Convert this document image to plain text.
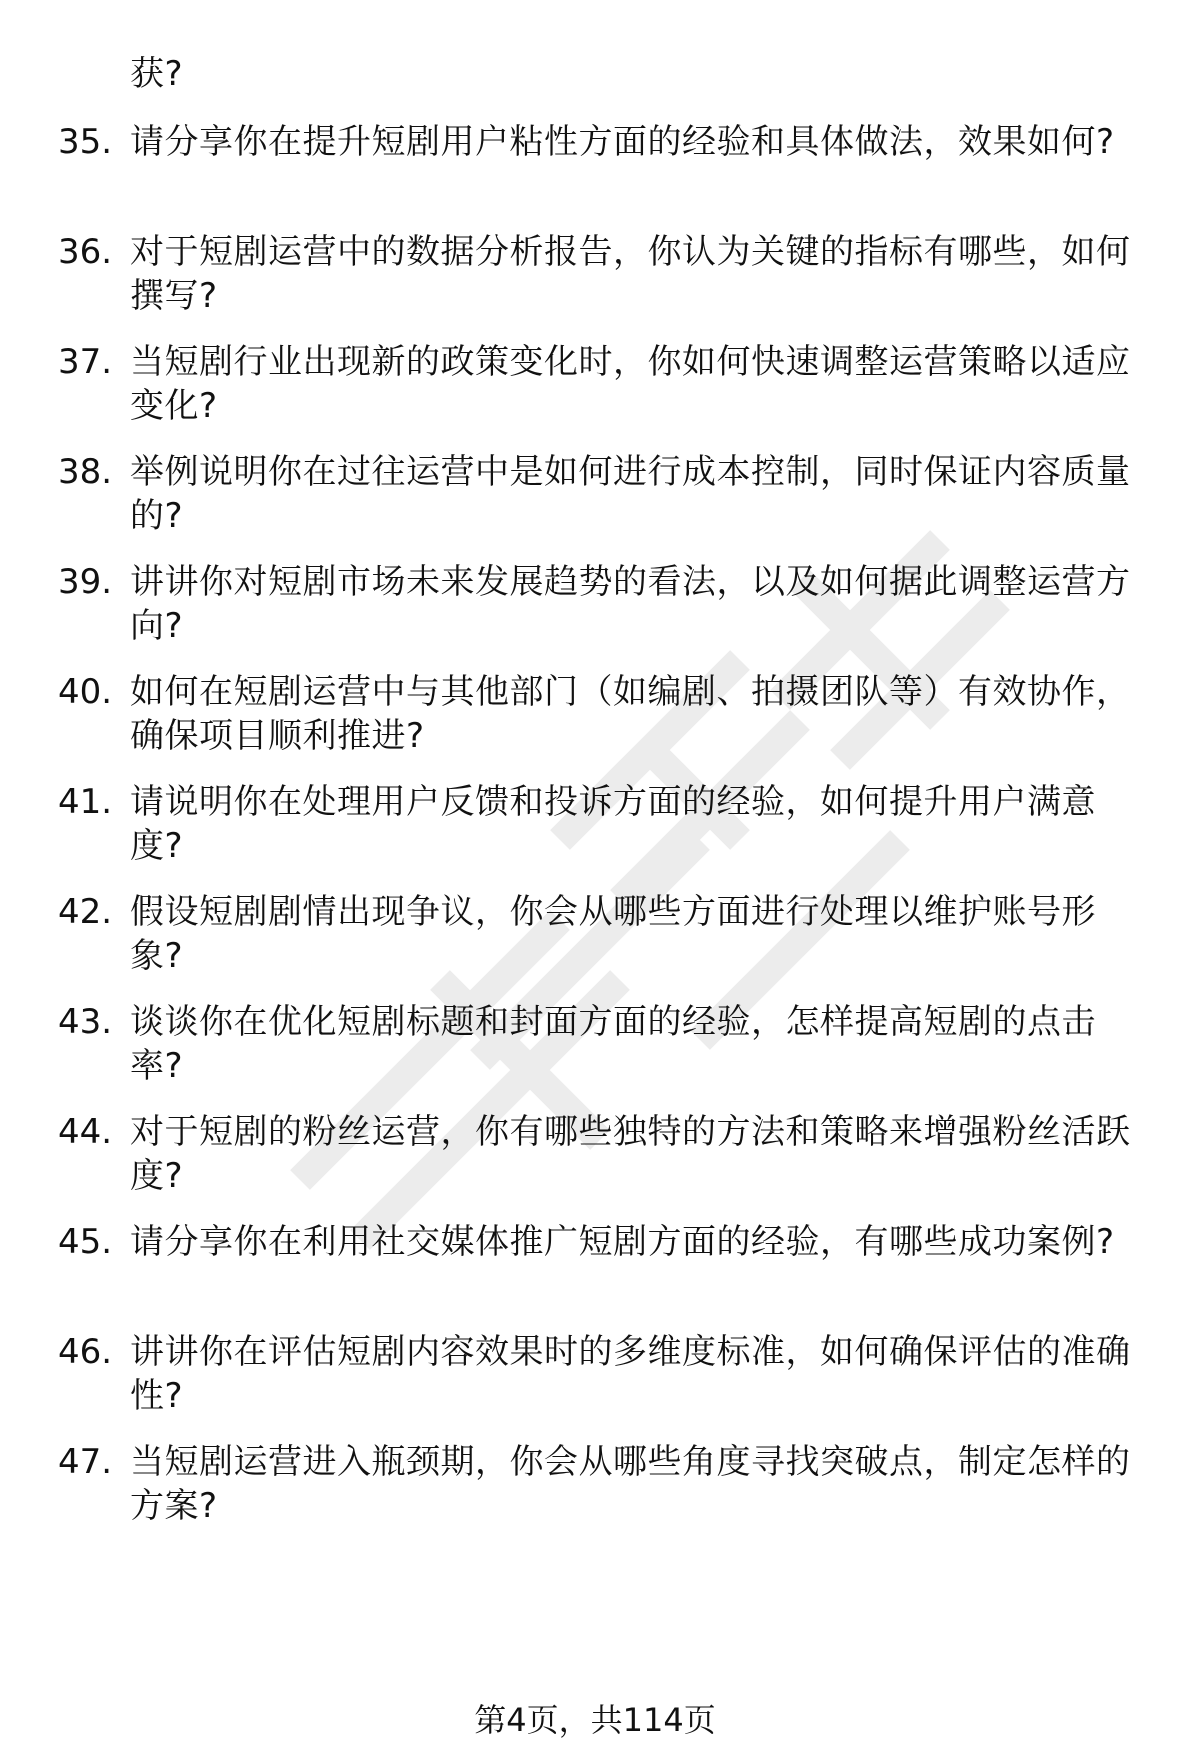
获?
35. 请分享你在提升短剧用户粘性方面的经验和具体做法，效果如何?
36. 对于短剧运营中的数据分析报告，你认为关键的指标有哪些，如何撰写?
37. 当短剧行业出现新的政策变化时，你如何快速调整运营策略以适应变化?
38. 举例说明你在过往运营中是如何进行成本控制，同时保证内容质量的?
39. 讲讲你对短剧市场未来发展趋势的看法，以及如何据此调整运营方向?
40. 如何在短剧运营中与其他部门（如编剧、拍摄团队等）有效协作，确保项目顺利推进?
41. 请说明你在处理用户反馈和投诉方面的经验，如何提升用户满意度?
42. 假设短剧剧情出现争议，你会从哪些方面进行处理以维护账号形象?
43. 谈谈你在优化短剧标题和封面方面的经验，怎样提高短剧的点击率?
44. 对于短剧的粉丝运营，你有哪些独特的方法和策略来增强粉丝活跃度?
45. 请分享你在利用社交媒体推广短剧方面的经验，有哪些成功案例?
46. 讲讲你在评估短剧内容效果时的多维度标准，如何确保评估的准确性?
47. 当短剧运营进入瓶颈期，你会从哪些角度寻找突破点，制定怎样的方案?
第4页，共114页
